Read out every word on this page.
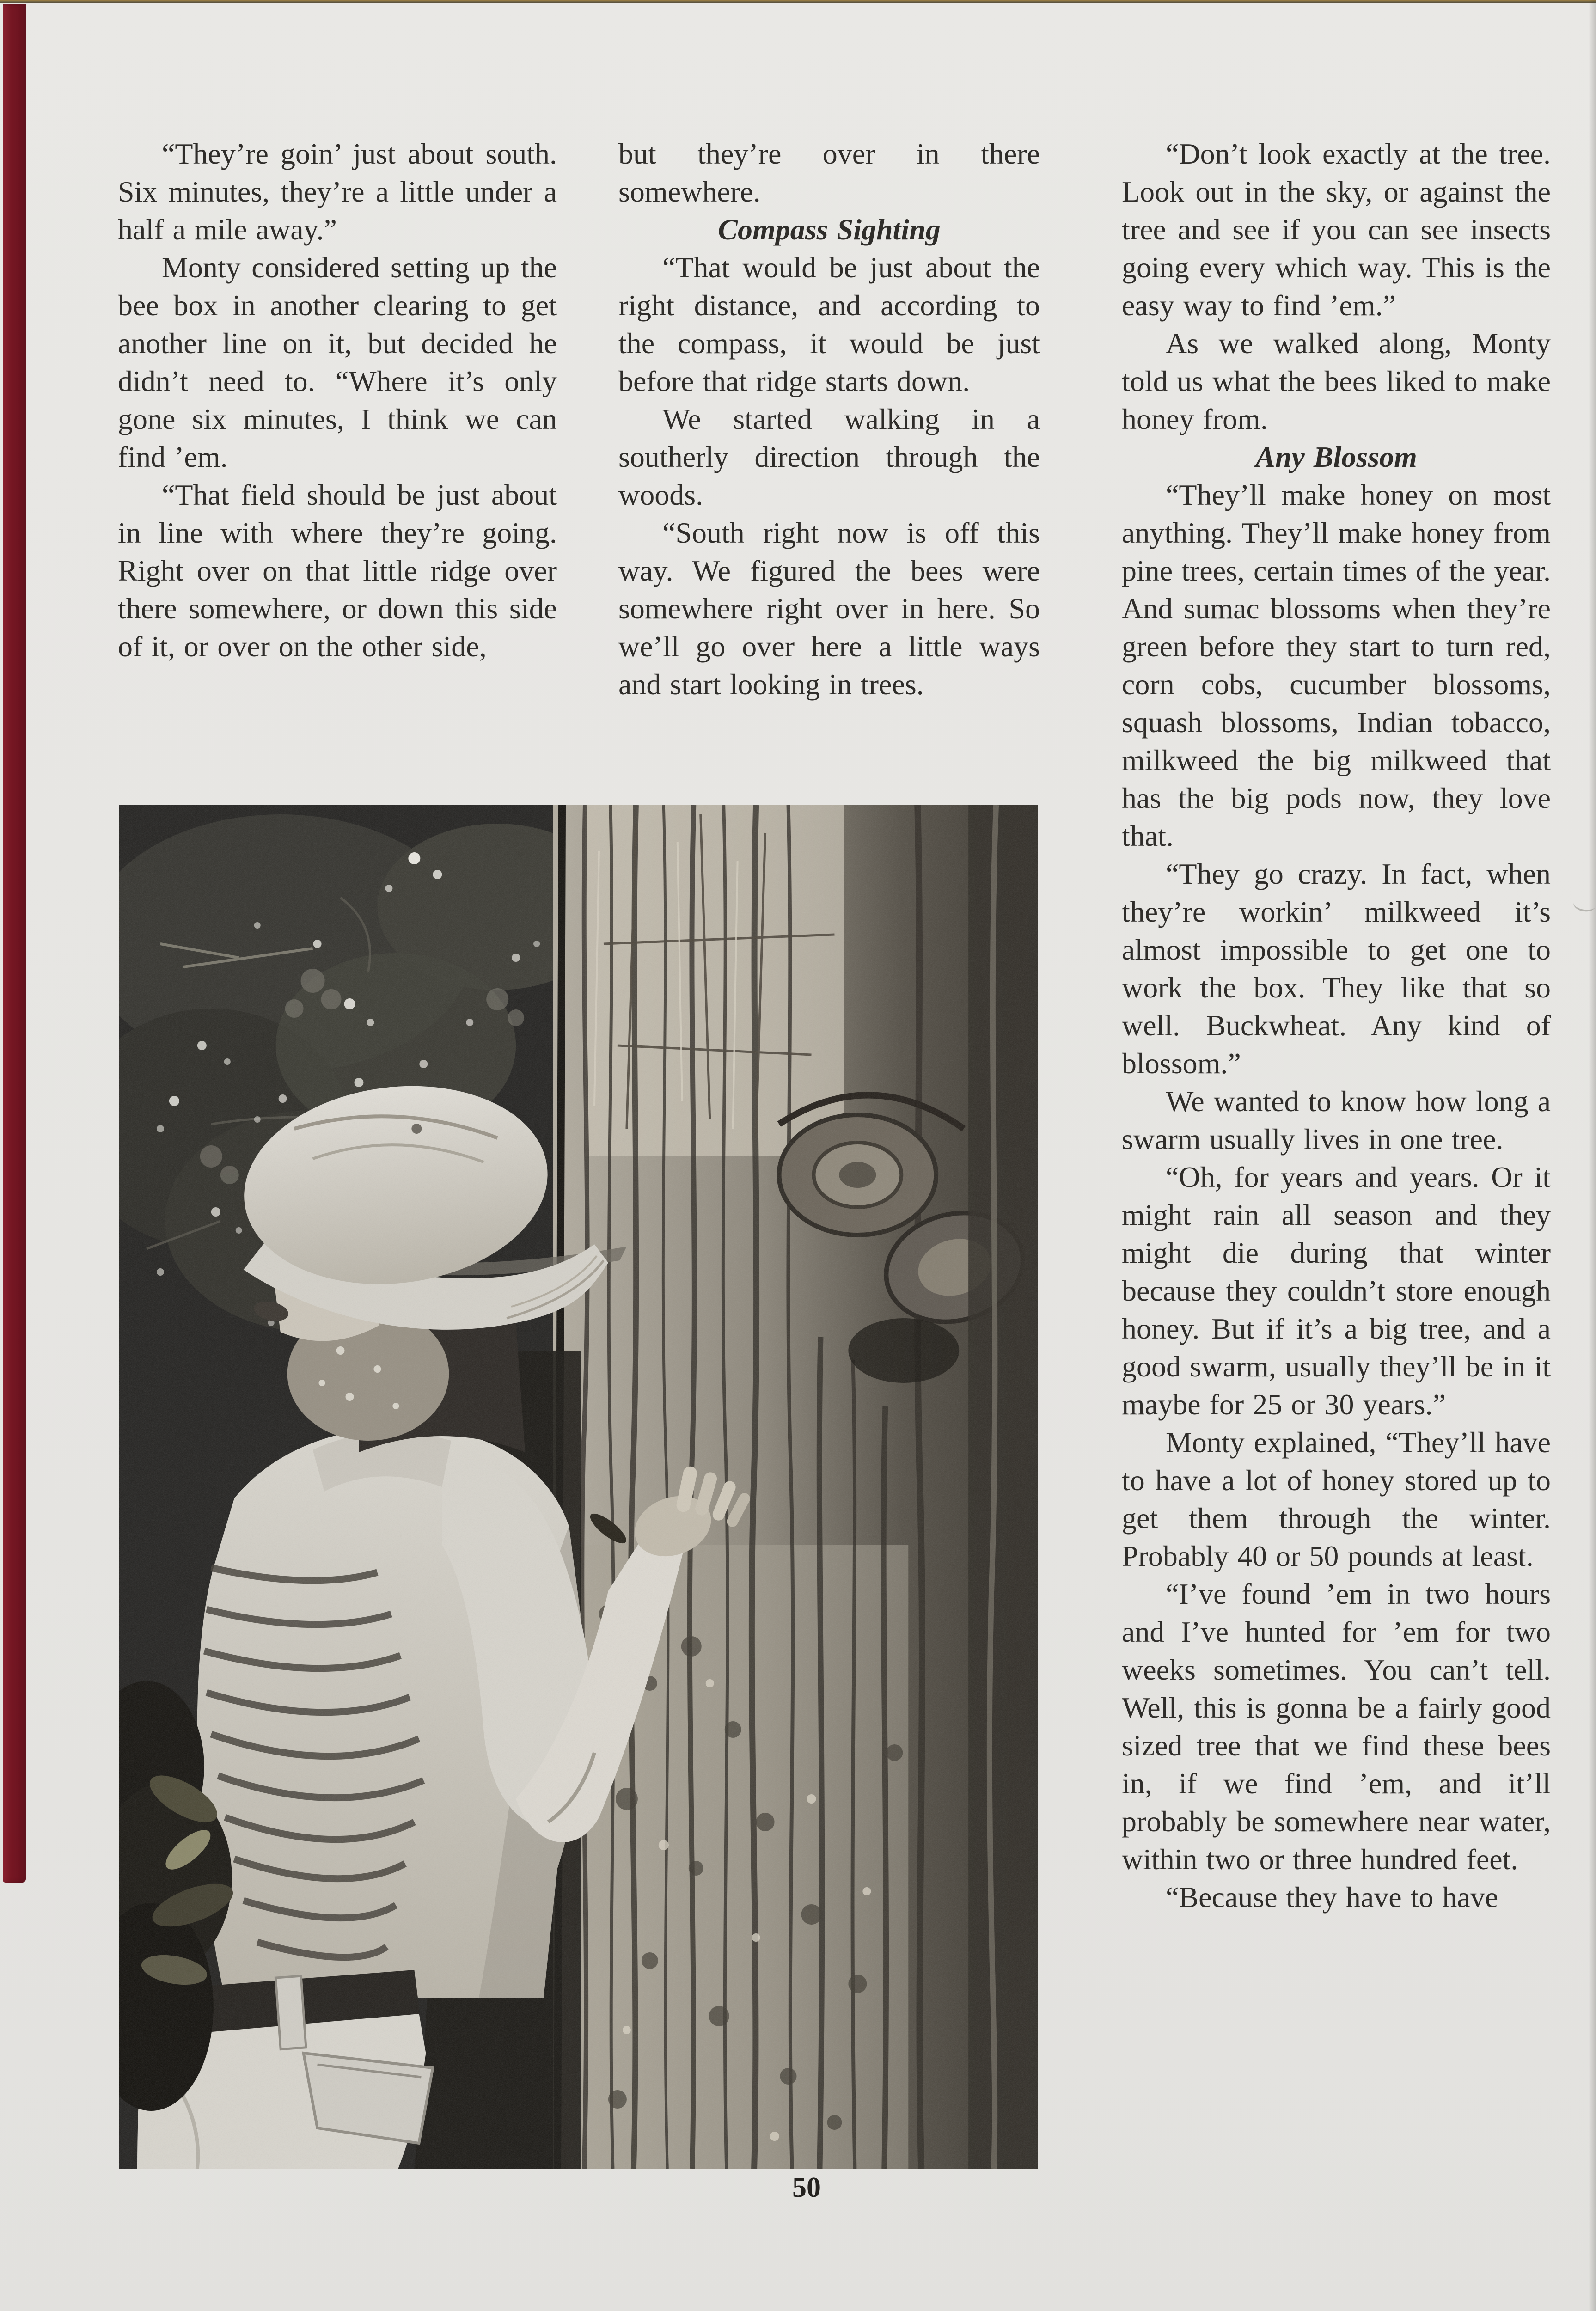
“They’re goin’ just about south. Six minutes, they’re a little under a half a mile away.”

Monty considered setting up the bee box in another clearing to get another line on it, but decided he didn’t need to. “Where it’s only gone six minutes, I think we can find ’em.

“That field should be just about in line with where they’re going. Right over on that little ridge over there somewhere, or down this side of it, or over on the other side,

but they’re over in there somewhere.

Compass Sighting

“That would be just about the right distance, and according to the compass, it would be just before that ridge starts down.

We started walking in a southerly direction through the woods.

“South right now is off this way. We figured the bees were somewhere right over in here. So we’ll go over here a little ways and start looking in trees.

“Don’t look exactly at the tree. Look out in the sky, or against the tree and see if you can see insects going every which way. This is the easy way to find ’em.”

As we walked along, Monty told us what the bees liked to make honey from.

Any Blossom

“They’ll make honey on most anything. They’ll make honey from pine trees, certain times of the year. And sumac blossoms when they’re green before they start to turn red, corn cobs, cucumber blossoms, squash blossoms, Indian tobacco, milkweed the big milkweed that has the big pods now, they love that.

“They go crazy. In fact, when they’re workin’ milkweed it’s almost impossible to get one to work the box. They like that so well. Buckwheat. Any kind of blossom.”

We wanted to know how long a swarm usually lives in one tree.

“Oh, for years and years. Or it might rain all season and they might die during that winter because they couldn’t store enough honey. But if it’s a big tree, and a good swarm, usually they’ll be in it maybe for 25 or 30 years.”

Monty explained, “They’ll have to have a lot of honey stored up to get them through the winter. Probably 40 or 50 pounds at least.

“I’ve found ’em in two hours and I’ve hunted for ’em for two weeks sometimes. You can’t tell. Well, this is gonna be a fairly good sized tree that we find these bees in, if we find ’em, and it’ll probably be somewhere near water, within two or three hundred feet.

“Because they have to have

50
